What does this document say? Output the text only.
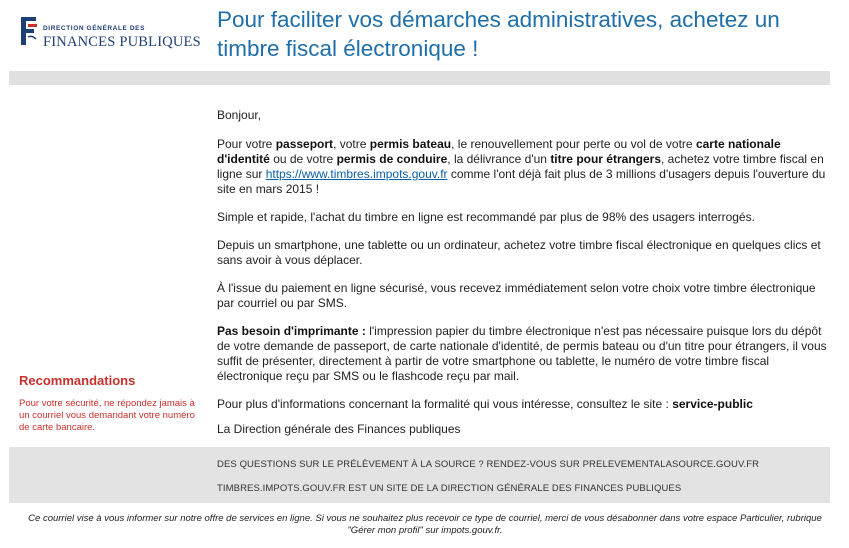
DIRECTION GÉNÉRALE DES
FINANCES PUBLIQUES
Pour faciliter vos démarches administratives, achetez un timbre fiscal électronique !

Bonjour,

Pour votre passeport, votre permis bateau, le renouvellement pour perte ou vol de votre carte nationale d'identité ou de votre permis de conduire, la délivrance d'un titre pour étrangers, achetez votre timbre fiscal en ligne sur https://www.timbres.impots.gouv.fr comme l'ont déjà fait plus de 3 millions d'usagers depuis l'ouverture du site en mars 2015 !

Simple et rapide, l'achat du timbre en ligne est recommandé par plus de 98% des usagers interrogés.

Depuis un smartphone, une tablette ou un ordinateur, achetez votre timbre fiscal électronique en quelques clics et sans avoir à vous déplacer.

À l'issue du paiement en ligne sécurisé, vous recevez immédiatement selon votre choix votre timbre électronique par courriel ou par SMS.

Pas besoin d'imprimante : l'impression papier du timbre électronique n'est pas nécessaire puisque lors du dépôt de votre demande de passeport, de carte nationale d'identité, de permis bateau ou d'un titre pour étrangers, il vous suffit de présenter, directement à partir de votre smartphone ou tablette, le numéro de votre timbre fiscal électronique reçu par SMS ou le flashcode reçu par mail.

Pour plus d'informations concernant la formalité qui vous intéresse, consultez le site : service-public

La Direction générale des Finances publiques

Recommandations
Pour votre sécurité, ne répondez jamais à un courriel vous demandant votre numéro de carte bancaire.
DES QUESTIONS SUR LE PRÉLÈVEMENT À LA SOURCE ? RENDEZ-VOUS SUR PRELEVEMENTALASOURCE.GOUV.FR
TIMBRES.IMPOTS.GOUV.FR EST UN SITE DE LA DIRECTION GÉNÉRALE DES FINANCES PUBLIQUES
Ce courriel vise à vous informer sur notre offre de services en ligne. Si vous ne souhaitez plus recevoir ce type de courriel, merci de vous désabonner dans votre espace Particulier, rubrique "Gérer mon profil" sur impots.gouv.fr.
